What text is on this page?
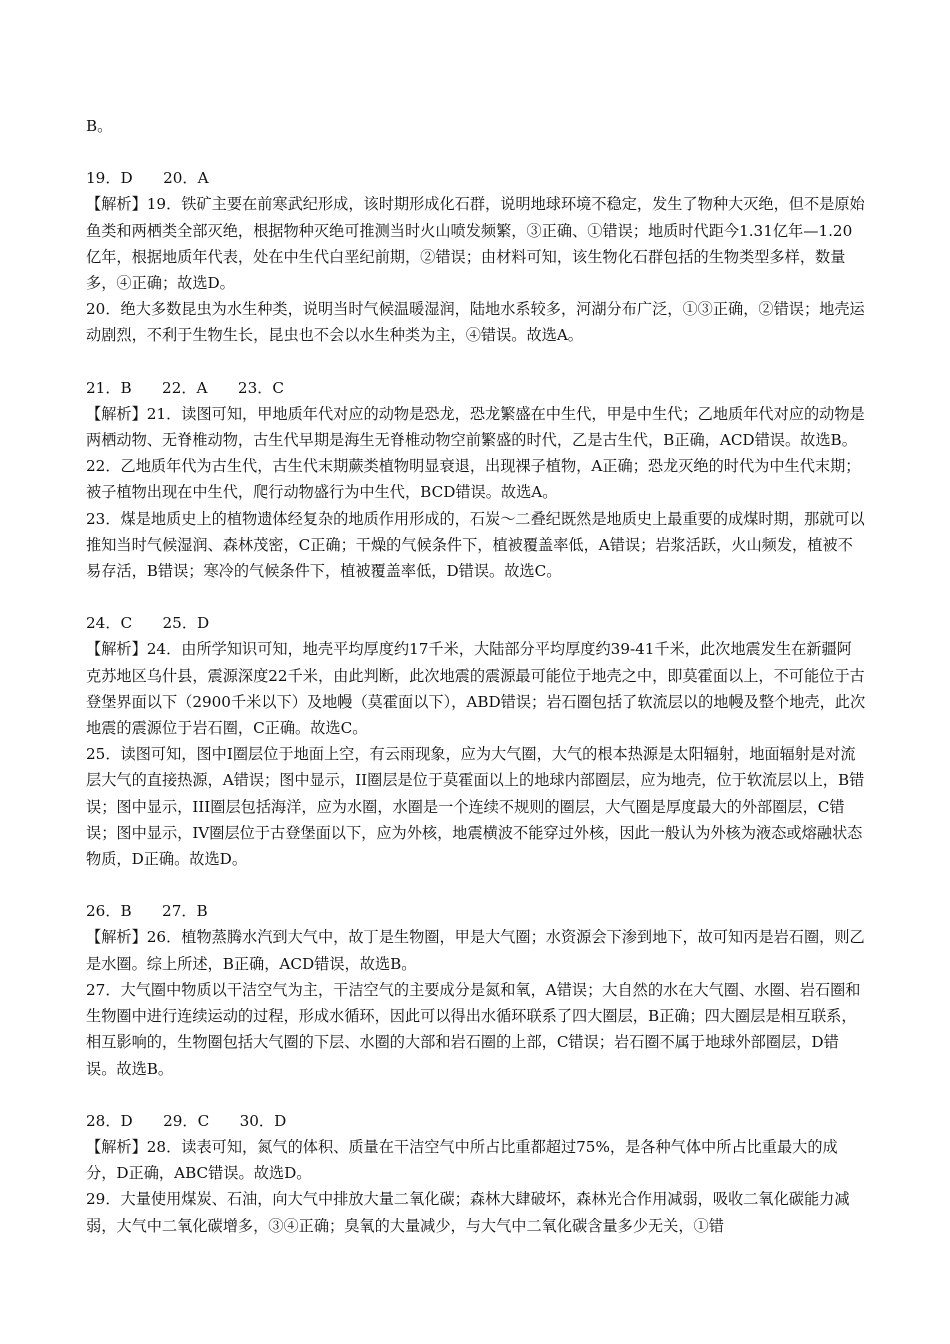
B。

19．D　　20．A

【解析】19．铁矿主要在前寒武纪形成，该时期形成化石群，说明地球环境不稳定，发生了物种大灭绝，但不是原始鱼类和两栖类全部灭绝，根据物种灭绝可推测当时火山喷发频繁，③正确、①错误；地质时代距今1.31亿年—1.20亿年，根据地质年代表，处在中生代白垩纪前期，②错误；由材料可知，该生物化石群包括的生物类型多样，数量多，④正确；故选D。

20．绝大多数昆虫为水生种类，说明当时气候温暖湿润，陆地水系较多，河湖分布广泛，①③正确，②错误；地壳运动剧烈，不利于生物生长，昆虫也不会以水生种类为主，④错误。故选A。

21．B　　22．A　　23．C

【解析】21．读图可知，甲地质年代对应的动物是恐龙，恐龙繁盛在中生代，甲是中生代；乙地质年代对应的动物是两栖动物、无脊椎动物，古生代早期是海生无脊椎动物空前繁盛的时代，乙是古生代，B正确，ACD错误。故选B。

22．乙地质年代为古生代，古生代末期蕨类植物明显衰退，出现裸子植物，A正确；恐龙灭绝的时代为中生代末期；被子植物出现在中生代，爬行动物盛行为中生代，BCD错误。故选A。

23．煤是地质史上的植物遗体经复杂的地质作用形成的，石炭～二叠纪既然是地质史上最重要的成煤时期，那就可以推知当时气候湿润、森林茂密，C正确；干燥的气候条件下，植被覆盖率低，A错误；岩浆活跃，火山频发，植被不易存活，B错误；寒冷的气候条件下，植被覆盖率低，D错误。故选C。

24．C　　25．D

【解析】24．由所学知识可知，地壳平均厚度约17千米，大陆部分平均厚度约39-41千米，此次地震发生在新疆阿克苏地区乌什县，震源深度22千米，由此判断，此次地震的震源最可能位于地壳之中，即莫霍面以上，不可能位于古登堡界面以下（2900千米以下）及地幔（莫霍面以下），ABD错误；岩石圈包括了软流层以的地幔及整个地壳，此次地震的震源位于岩石圈，C正确。故选C。

25．读图可知，图中Ⅰ圈层位于地面上空，有云雨现象，应为大气圈，大气的根本热源是太阳辐射，地面辐射是对流层大气的直接热源，A错误；图中显示，II圈层是位于莫霍面以上的地球内部圈层，应为地壳，位于软流层以上，B错误；图中显示，III圈层包括海洋，应为水圈，水圈是一个连续不规则的圈层，大气圈是厚度最大的外部圈层，C错误；图中显示，IV圈层位于古登堡面以下，应为外核，地震横波不能穿过外核，因此一般认为外核为液态或熔融状态物质，D正确。故选D。

26．B　　27．B

【解析】26．植物蒸腾水汽到大气中，故丁是生物圈，甲是大气圈；水资源会下渗到地下，故可知丙是岩石圈，则乙是水圈。综上所述，B正确，ACD错误，故选B。

27．大气圈中物质以干洁空气为主，干洁空气的主要成分是氮和氧，A错误；大自然的水在大气圈、水圈、岩石圈和生物圈中进行连续运动的过程，形成水循环，因此可以得出水循环联系了四大圈层，B正确；四大圈层是相互联系，相互影响的，生物圈包括大气圈的下层、水圈的大部和岩石圈的上部，C错误；岩石圈不属于地球外部圈层，D错误。故选B。

28．D　　29．C　　30．D

【解析】28．读表可知，氮气的体积、质量在干洁空气中所占比重都超过75%，是各种气体中所占比重最大的成分，D正确，ABC错误。故选D。

29．大量使用煤炭、石油，向大气中排放大量二氧化碳；森林大肆破坏，森林光合作用减弱，吸收二氧化碳能力减弱，大气中二氧化碳增多，③④正确；臭氧的大量减少，与大气中二氧化碳含量多少无关，①错
